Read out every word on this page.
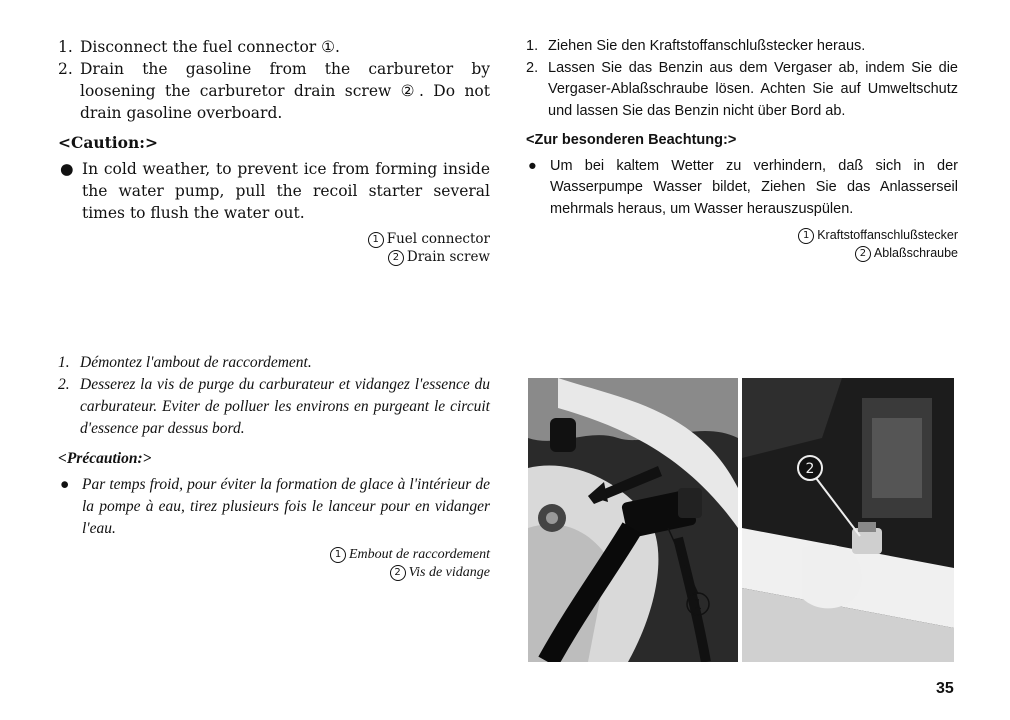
1. Disconnect the fuel connector ①.
2. Drain the gasoline from the carburetor by loosening the carburetor drain screw ②. Do not drain gasoline overboard.
<Caution:>
● In cold weather, to prevent ice from forming inside the water pump, pull the recoil starter several times to flush the water out.
1 Fuel connector
2 Drain screw
1. Ziehen Sie den Kraftstoffanschlußstecker heraus.
2. Lassen Sie das Benzin aus dem Vergaser ab, indem Sie die Vergaser-Ablaßschraube lösen. Achten Sie auf Umweltschutz und lassen Sie das Benzin nicht über Bord ab.
<Zur besonderen Beachtung:>
● Um bei kaltem Wetter zu verhindern, daß sich in der Wasserpumpe Wasser bildet, Ziehen Sie das Anlasserseil mehrmals heraus, um Wasser herauszuspülen.
1 Kraftstoffanschlußstecker
2 Ablaßschraube
1. Démontez l'ambout de raccordement.
2. Desserez la vis de purge du carburateur et vidangez l'essence du carburateur. Eviter de polluer les environs en purgeant le circuit d'essence par dessus bord.
<Précaution:>
● Par temps froid, pour éviter la formation de glace à l'intérieur de la pompe à eau, tirez plusieurs fois le lanceur pour en vidanger l'eau.
1 Embout de raccordement
2 Vis de vidange
1
2
35
